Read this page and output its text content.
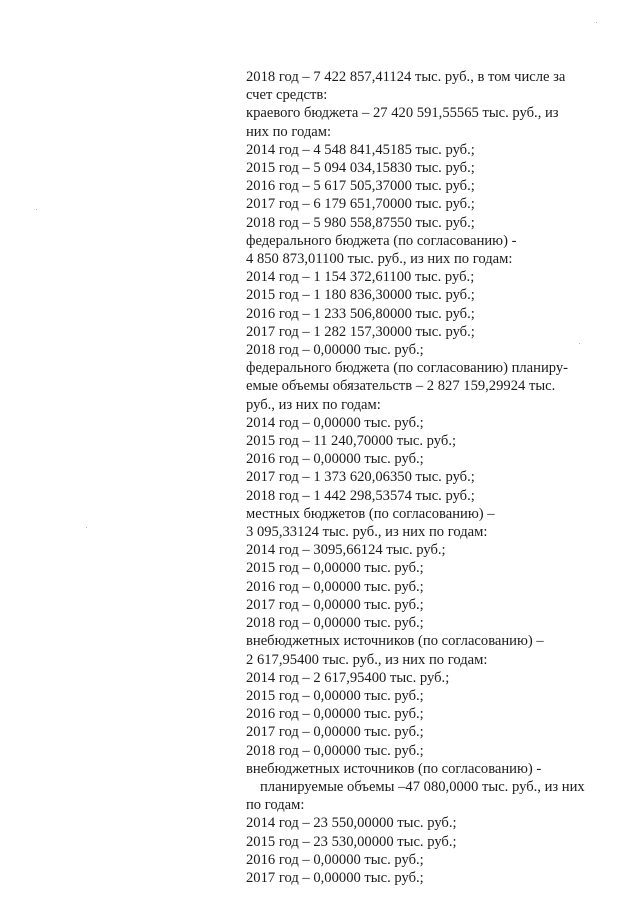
2018 год – 7 422 857,41124 тыс. руб., в том числе за
счет средств:
краевого бюджета – 27 420 591,55565 тыс. руб., из
них по годам:
2014 год – 4 548 841,45185 тыс. руб.;
2015 год – 5 094 034,15830 тыс. руб.;
2016 год – 5 617 505,37000 тыс. руб.;
2017 год – 6 179 651,70000 тыс. руб.;
2018 год – 5 980 558,87550 тыс. руб.;
федерального бюджета (по согласованию) -
4 850 873,01100 тыс. руб., из них по годам:
2014 год – 1 154 372,61100 тыс. руб.;
2015 год – 1 180 836,30000 тыс. руб.;
2016 год – 1 233 506,80000 тыс. руб.;
2017 год – 1 282 157,30000 тыс. руб.;
2018 год – 0,00000 тыс. руб.;
федерального бюджета (по согласованию) планиру-
емые объемы обязательств – 2 827 159,29924 тыс.
руб., из них по годам:
2014 год – 0,00000 тыс. руб.;
2015 год – 11 240,70000 тыс. руб.;
2016 год – 0,00000 тыс. руб.;
2017 год – 1 373 620,06350 тыс. руб.;
2018 год – 1 442 298,53574 тыс. руб.;
местных бюджетов (по согласованию) –
3 095,33124 тыс. руб., из них по годам:
2014 год – 3095,66124 тыс. руб.;
2015 год – 0,00000 тыс. руб.;
2016 год – 0,00000 тыс. руб.;
2017 год – 0,00000 тыс. руб.;
2018 год – 0,00000 тыс. руб.;
внебюджетных источников (по согласованию) –
2 617,95400 тыс. руб., из них по годам:
2014 год – 2 617,95400 тыс. руб.;
2015 год – 0,00000 тыс. руб.;
2016 год – 0,00000 тыс. руб.;
2017 год – 0,00000 тыс. руб.;
2018 год – 0,00000 тыс. руб.;
внебюджетных источников (по согласованию) -
планируемые объемы –47 080,0000 тыс. руб., из них
по годам:
2014 год – 23 550,00000 тыс. руб.;
2015 год – 23 530,00000 тыс. руб.;
2016 год – 0,00000 тыс. руб.;
2017 год – 0,00000 тыс. руб.;
